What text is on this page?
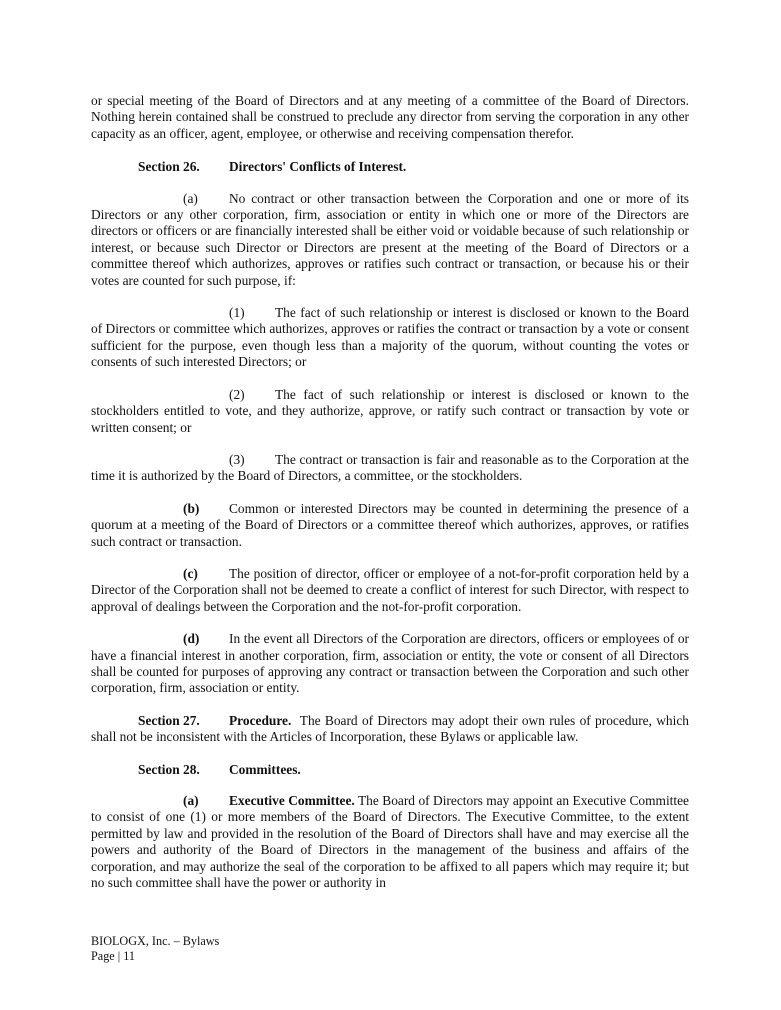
or special meeting of the Board of Directors and at any meeting of a committee of the Board of Directors. Nothing herein contained shall be construed to preclude any director from serving the corporation in any other capacity as an officer, agent, employee, or otherwise and receiving compensation therefor.

Section 26. Directors' Conflicts of Interest.

(a) No contract or other transaction between the Corporation and one or more of its Directors or any other corporation, firm, association or entity in which one or more of the Directors are directors or officers or are financially interested shall be either void or voidable because of such relationship or interest, or because such Director or Directors are present at the meeting of the Board of Directors or a committee thereof which authorizes, approves or ratifies such contract or transaction, or because his or their votes are counted for such purpose, if:

(1) The fact of such relationship or interest is disclosed or known to the Board of Directors or committee which authorizes, approves or ratifies the contract or transaction by a vote or consent sufficient for the purpose, even though less than a majority of the quorum, without counting the votes or consents of such interested Directors; or

(2) The fact of such relationship or interest is disclosed or known to the stockholders entitled to vote, and they authorize, approve, or ratify such contract or transaction by vote or written consent; or

(3) The contract or transaction is fair and reasonable as to the Corporation at the time it is authorized by the Board of Directors, a committee, or the stockholders.

(b) Common or interested Directors may be counted in determining the presence of a quorum at a meeting of the Board of Directors or a committee thereof which authorizes, approves, or ratifies such contract or transaction.

(c) The position of director, officer or employee of a not-for-profit corporation held by a Director of the Corporation shall not be deemed to create a conflict of interest for such Director, with respect to approval of dealings between the Corporation and the not-for-profit corporation.

(d) In the event all Directors of the Corporation are directors, officers or employees of or have a financial interest in another corporation, firm, association or entity, the vote or consent of all Directors shall be counted for purposes of approving any contract or transaction between the Corporation and such other corporation, firm, association or entity.

Section 27. Procedure. The Board of Directors may adopt their own rules of procedure, which shall not be inconsistent with the Articles of Incorporation, these Bylaws or applicable law.

Section 28. Committees.

(a) Executive Committee. The Board of Directors may appoint an Executive Committee to consist of one (1) or more members of the Board of Directors. The Executive Committee, to the extent permitted by law and provided in the resolution of the Board of Directors shall have and may exercise all the powers and authority of the Board of Directors in the management of the business and affairs of the corporation, and may authorize the seal of the corporation to be affixed to all papers which may require it; but no such committee shall have the power or authority in

BIOLOGX, Inc. – Bylaws
Page | 11
